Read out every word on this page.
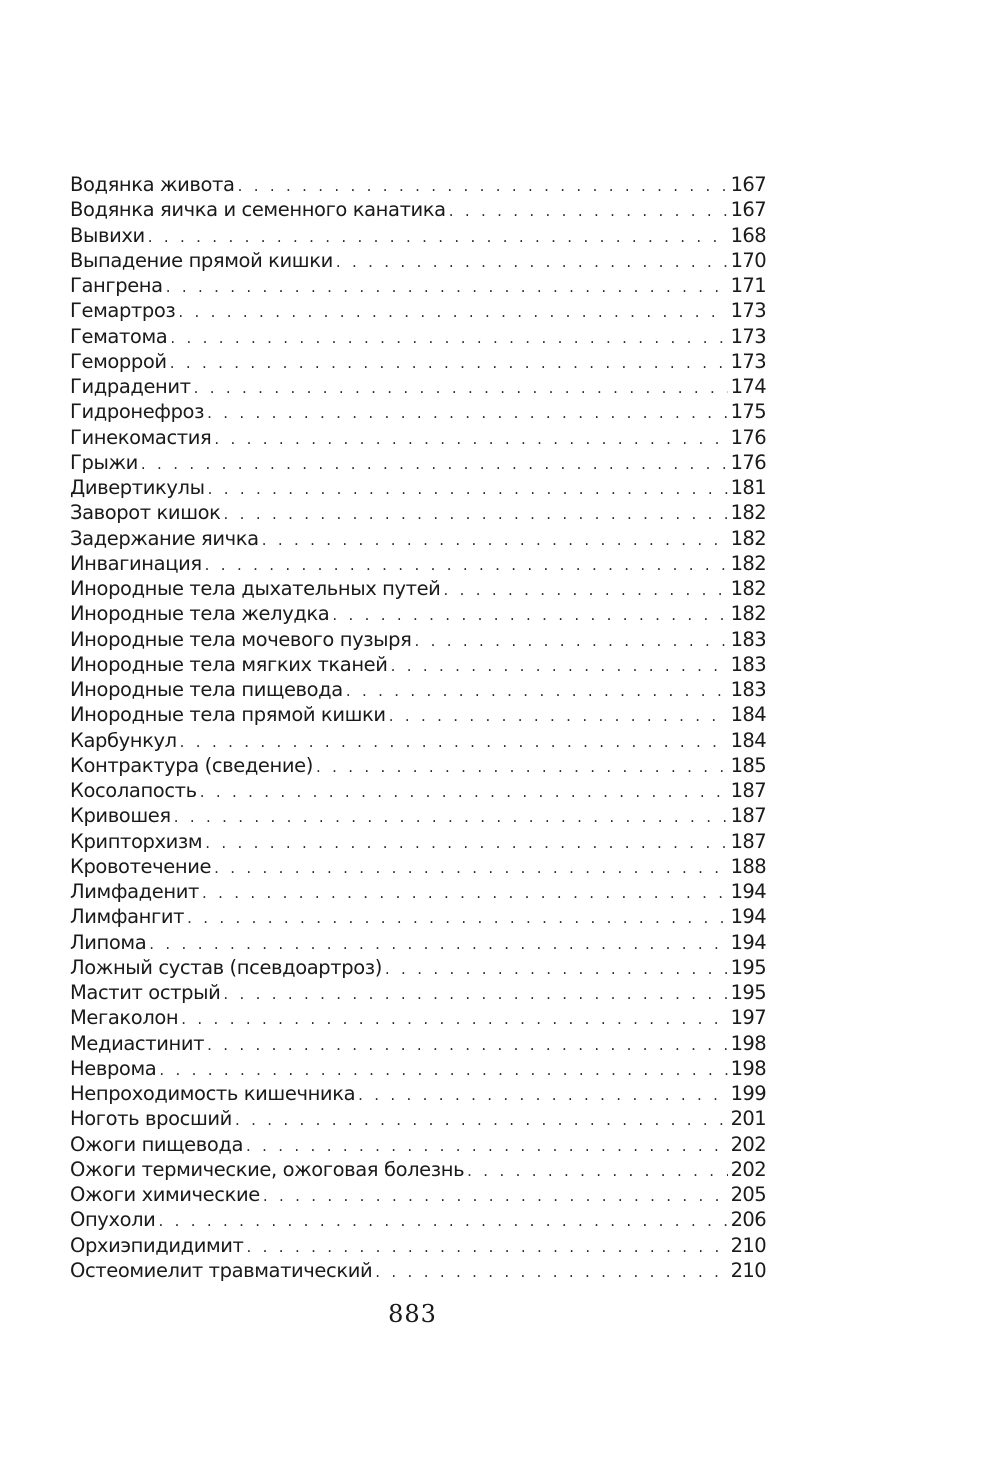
Водянка живота . . .	167
Водянка яичка и семенного канатика . . .	167
Вывихи . . .	168
Выпадение прямой кишки . . .	170
Гангрена . . .	171
Гемартроз . . .	173
Гематома . . .	173
Геморрой . . .	173
Гидраденит . . .	174
Гидронефроз . . .	175
Гинекомастия . . .	176
Грыжи . . .	176
Дивертикулы . . .	181
Заворот кишок . . .	182
Задержание яичка . . .	182
Инвагинация . . .	182
Инородные тела дыхательных путей . . .	182
Инородные тела желудка . . .	182
Инородные тела мочевого пузыря . . .	183
Инородные тела мягких тканей . . .	183
Инородные тела пищевода . . .	183
Инородные тела прямой кишки . . .	184
Карбункул . . .	184
Контрактура (сведение) . . .	185
Косолапость . . .	187
Кривошея . . .	187
Крипторхизм . . .	187
Кровотечение . . .	188
Лимфаденит . . .	194
Лимфангит . . .	194
Липома . . .	194
Ложный сустав (псевдоартроз) . . .	195
Мастит острый . . .	195
Мегаколон . . .	197
Медиастинит . . .	198
Неврома . . .	198
Непроходимость кишечника . . .	199
Ноготь вросший . . .	201
Ожоги пищевода . . .	202
Ожоги термические, ожоговая болезнь . . .	202
Ожоги химические . . .	205
Опухоли . . .	206
Орхиэпидидимит . . .	210
Остеомиелит травматический . . .	210
883
